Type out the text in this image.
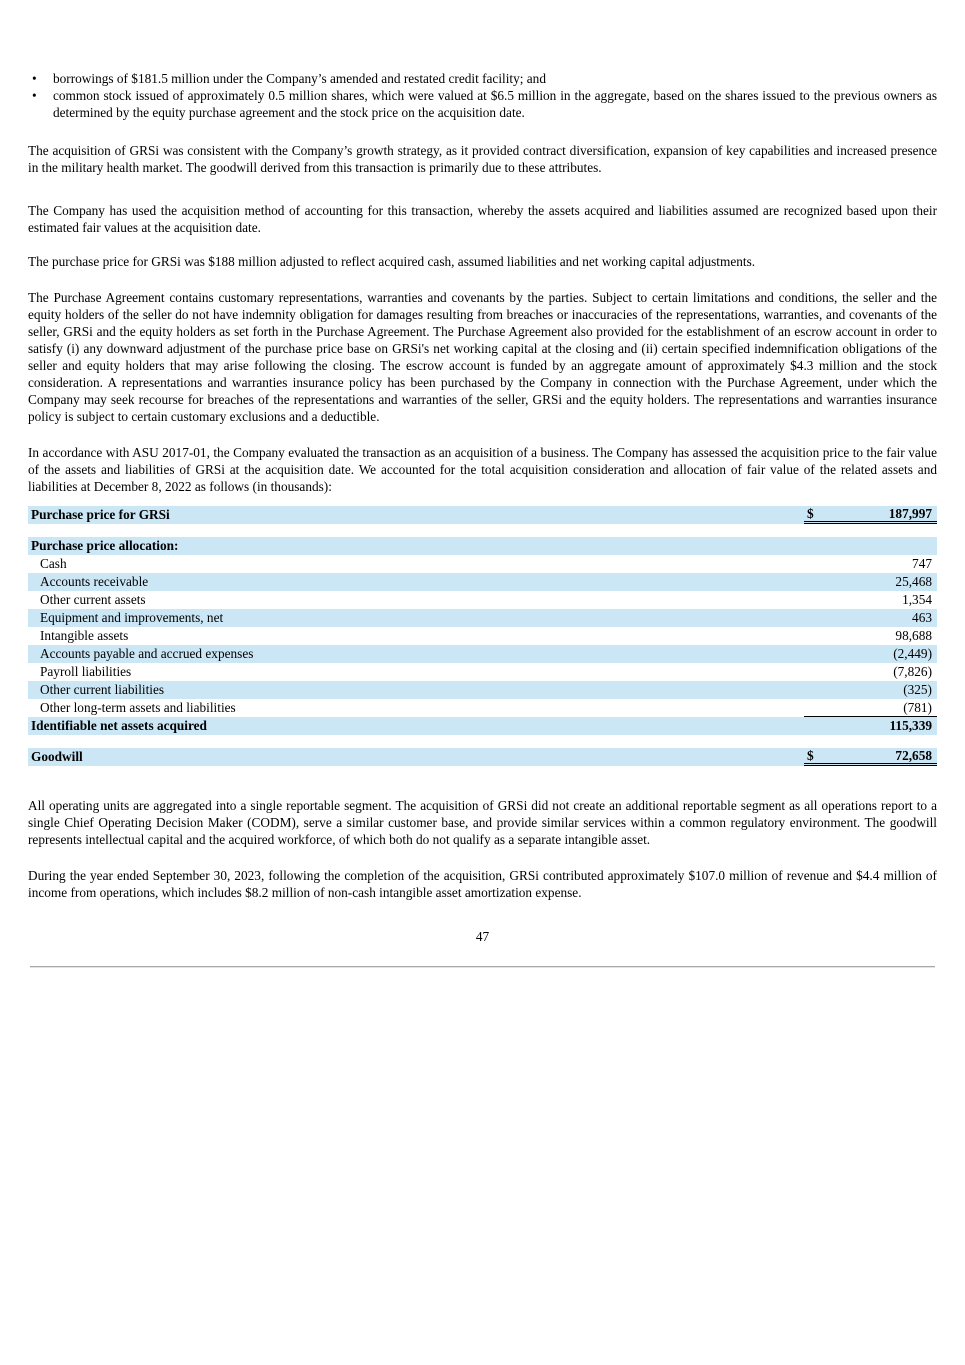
• borrowings of $181.5 million under the Company’s amended and restated credit facility; and
• common stock issued of approximately 0.5 million shares, which were valued at $6.5 million in the aggregate, based on the shares issued to the previous owners as determined by the equity purchase agreement and the stock price on the acquisition date.

The acquisition of GRSi was consistent with the Company’s growth strategy, as it provided contract diversification, expansion of key capabilities and increased presence in the military health market. The goodwill derived from this transaction is primarily due to these attributes.

The Company has used the acquisition method of accounting for this transaction, whereby the assets acquired and liabilities assumed are recognized based upon their estimated fair values at the acquisition date.

The purchase price for GRSi was $188 million adjusted to reflect acquired cash, assumed liabilities and net working capital adjustments.

The Purchase Agreement contains customary representations, warranties and covenants by the parties. Subject to certain limitations and conditions, the seller and the equity holders of the seller do not have indemnity obligation for damages resulting from breaches or inaccuracies of the representations, warranties, and covenants of the seller, GRSi and the equity holders as set forth in the Purchase Agreement. The Purchase Agreement also provided for the establishment of an escrow account in order to satisfy (i) any downward adjustment of the purchase price base on GRSi's net working capital at the closing and (ii) certain specified indemnification obligations of the seller and equity holders that may arise following the closing. The escrow account is funded by an aggregate amount of approximately $4.3 million and the stock consideration. A representations and warranties insurance policy has been purchased by the Company in connection with the Purchase Agreement, under which the Company may seek recourse for breaches of the representations and warranties of the seller, GRSi and the equity holders. The representations and warranties insurance policy is subject to certain customary exclusions and a deductible.

In accordance with ASU 2017-01, the Company evaluated the transaction as an acquisition of a business. The Company has assessed the acquisition price to the fair value of the assets and liabilities of GRSi at the acquisition date. We accounted for the total acquisition consideration and allocation of fair value of the related assets and liabilities at December 8, 2022 as follows (in thousands):

Purchase price for GRSi	$	187,997
Purchase price allocation:
Cash	747
Accounts receivable	25,468
Other current assets	1,354
Equipment and improvements, net	463
Intangible assets	98,688
Accounts payable and accrued expenses	(2,449)
Payroll liabilities	(7,826)
Other current liabilities	(325)
Other long-term assets and liabilities	(781)
Identifiable net assets acquired	115,339
Goodwill	$	72,658

All operating units are aggregated into a single reportable segment. The acquisition of GRSi did not create an additional reportable segment as all operations report to a single Chief Operating Decision Maker (CODM), serve a similar customer base, and provide similar services within a common regulatory environment. The goodwill represents intellectual capital and the acquired workforce, of which both do not qualify as a separate intangible asset.

During the year ended September 30, 2023, following the completion of the acquisition, GRSi contributed approximately $107.0 million of revenue and $4.4 million of income from operations, which includes $8.2 million of non-cash intangible asset amortization expense.

47
